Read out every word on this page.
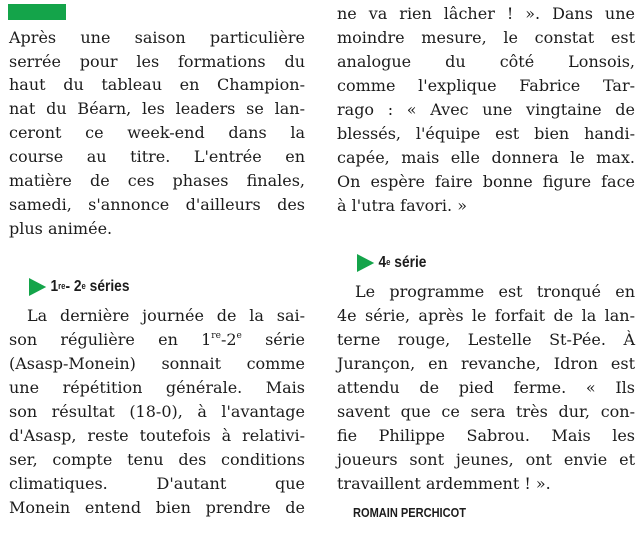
Après une saison particulière
serrée pour les formations du
haut du tableau en Champion-
nat du Béarn, les leaders se lan-
ceront ce week-end dans la
course au titre. L'entrée en
matière de ces phases finales,
samedi, s'annonce d'ailleurs des
plus animée.
1re - 2e séries
La dernière journée de la sai-
son régulière en 1re-2e série
(Asasp-Monein) sonnait comme
une répétition générale. Mais
son résultat (18-0), à l'avantage
d'Asasp, reste toutefois à relativi-
ser, compte tenu des conditions
climatiques. D'autant que
Monein entend bien prendre de
ne va rien lâcher ! ». Dans une
moindre mesure, le constat est
analogue du côté Lonsois,
comme l'explique Fabrice Tar-
rago : « Avec une vingtaine de
blessés, l'équipe est bien handi-
capée, mais elle donnera le max.
On espère faire bonne figure face
à l'utra favori. »
4e série
Le programme est tronqué en
4e série, après le forfait de la lan-
terne rouge, Lestelle St-Pée. À
Jurançon, en revanche, Idron est
attendu de pied ferme. « Ils
savent que ce sera très dur, con-
fie Philippe Sabrou. Mais les
joueurs sont jeunes, ont envie et
travaillent ardemment ! ».
ROMAIN PERCHICOT
